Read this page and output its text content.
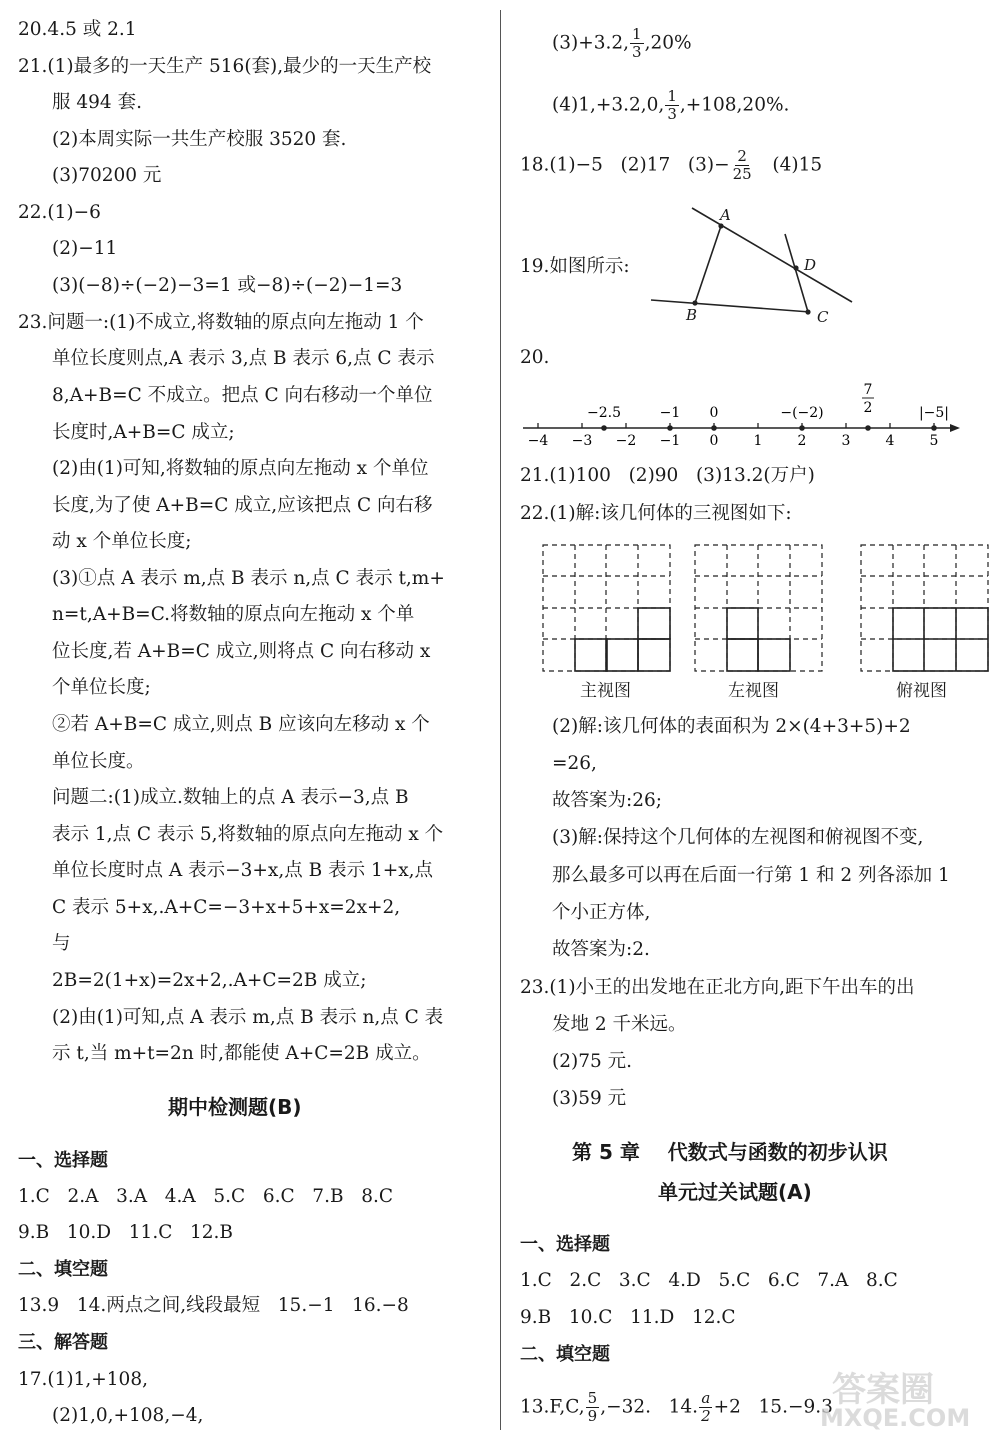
20.4.5 或 2.1
21.(1)最多的一天生产 516(套),最少的一天生产校
服 494 套.
(2)本周实际一共生产校服 3520 套.
(3)70200 元
22.(1)−6
(2)−11
(3)(−8)÷(−2)−3=1 或−8)÷(−2)−1=3
23.问题一:(1)不成立,将数轴的原点向左拖动 1 个
单位长度则点,A 表示 3,点 B 表示 6,点 C 表示
8,A+B=C 不成立。把点 C 向右移动一个单位
长度时,A+B=C 成立;
(2)由(1)可知,将数轴的原点向左拖动 x 个单位
长度,为了使 A+B=C 成立,应该把点 C 向右移
动 x 个单位长度;
(3)①点 A 表示 m,点 B 表示 n,点 C 表示 t,m+
n=t,A+B=C.将数轴的原点向左拖动 x 个单
位长度,若 A+B=C 成立,则将点 C 向右移动 x
个单位长度;
②若 A+B=C 成立,则点 B 应该向左移动 x 个
单位长度。
问题二:(1)成立.数轴上的点 A 表示−3,点 B
表示 1,点 C 表示 5,将数轴的原点向左拖动 x 个
单位长度时点 A 表示−3+x,点 B 表示 1+x,点
C 表示 5+x,.A+C=−3+x+5+x=2x+2,
与
2B=2(1+x)=2x+2,.A+C=2B 成立;
(2)由(1)可知,点 A 表示 m,点 B 表示 n,点 C 表
示 t,当 m+t=2n 时,都能使 A+C=2B 成立。
期中检测题(B)
一、选择题
1.C   2.A   3.A   4.A   5.C   6.C   7.B   8.C
9.B   10.D   11.C   12.B
二、填空题
13.9   14.两点之间,线段最短   15.−1   16.−8
三、解答题
17.(1)1,+108,
(2)1,0,+108,−4,
(3)+3.2, $\frac{1}{3} ,20\%$
(4)1,+3.2,0, $\frac{1}{3} ,+108,20\%$.
18.(1)−5   (2)17   $(3)- \frac{2}{25} (4)15$
19.如图所示:
A
B	C
D
20.
−4 −3 −2 −1 0	1	2	3	4	5
−2.5	−1 0	−(−2)
7
2	|−5|
21.(1)100   (2)90   (3)13.2(万户)
22.(1)解:该几何体的三视图如下:
主视图	左视图	俯视图
(2)解:该几何体的表面积为 2×(4+3+5)+2
=26,
故答案为:26;
(3)解:保持这个几何体的左视图和俯视图不变,
那么最多可以再在后面一行第 1 和 2 列各添加 1
个小正方体,
故答案为:2.
23.(1)小王的出发地在正北方向,距下午出车的出
发地 2 千米远。
(2)75 元.
(3)59 元
第 5 章    代数式与函数的初步认识
单元过关试题(A)
一、选择题
1.C   2.C   3.C   4.D   5.C   6.C   7.A   8.C
9.B   10.C   11.D   12.C
二、填空题
13.F,C, $\frac{5}{9} ,-32$.   14. $\frac{a}{2} +2$   15.−9.3 答案圈
MXQE.COM
